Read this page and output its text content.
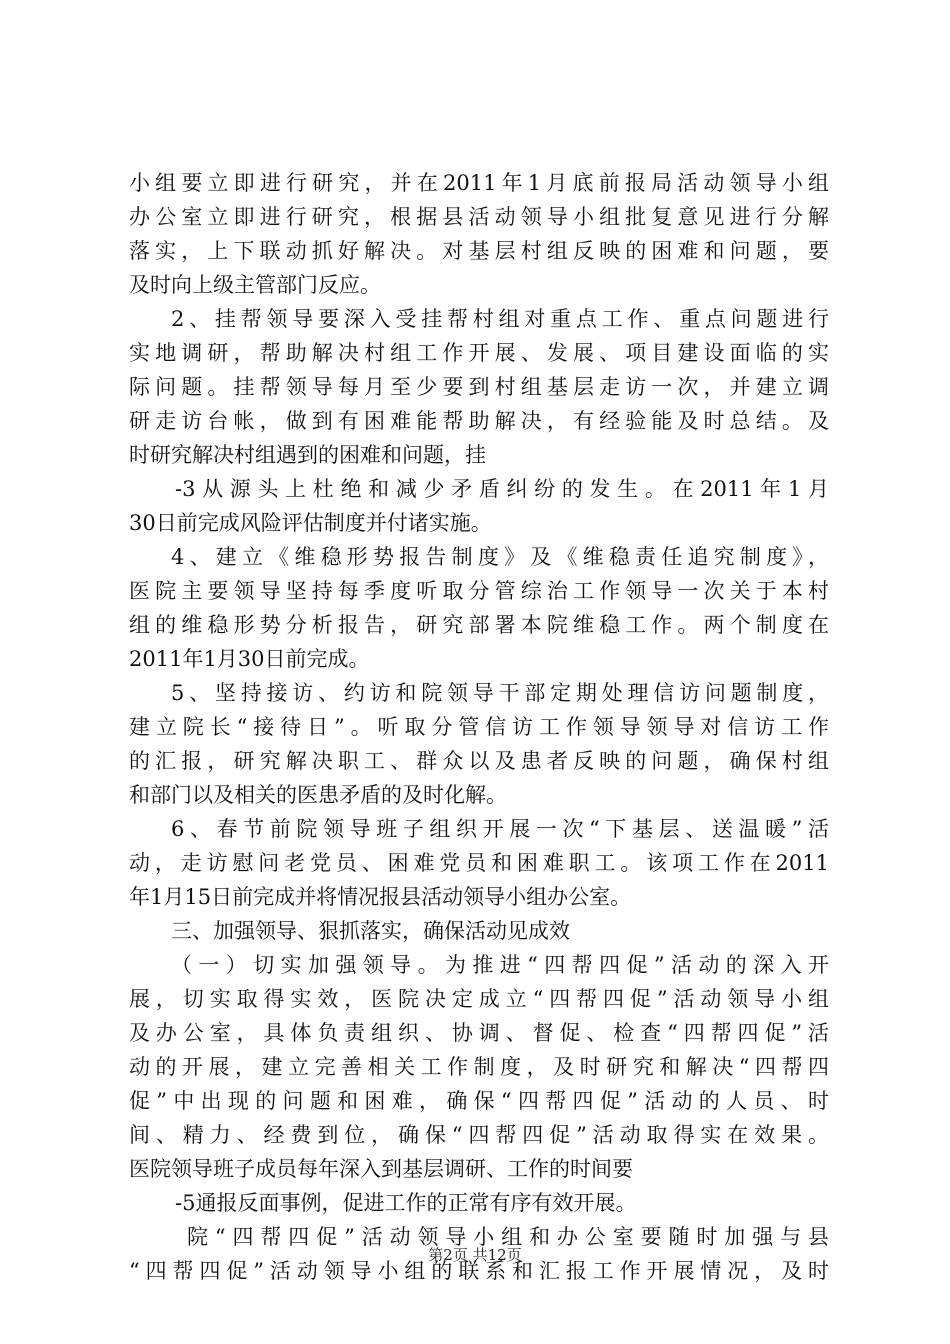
小组要立即进行研究，并在2011年1月底前报局活动领导小组
办公室立即进行研究，根据县活动领导小组批复意见进行分解
落实，上下联动抓好解决。对基层村组反映的困难和问题，要
及时向上级主管部门反应。
2、挂帮领导要深入受挂帮村组对重点工作、重点问题进行
实地调研，帮助解决村组工作开展、发展、项目建设面临的实
际问题。挂帮领导每月至少要到村组基层走访一次，并建立调
研走访台帐，做到有困难能帮助解决，有经验能及时总结。及
时研究解决村组遇到的困难和问题，挂
-3从源头上杜绝和减少矛盾纠纷的发生。在2011年1月
30日前完成风险评估制度并付诸实施。
4、建立《维稳形势报告制度》及《维稳责任追究制度》，
医院主要领导坚持每季度听取分管综治工作领导一次关于本村
组的维稳形势分析报告，研究部署本院维稳工作。两个制度在
2011年1月30日前完成。
5、坚持接访、约访和院领导干部定期处理信访问题制度，
建立院长“接待日”。听取分管信访工作领导领导对信访工作
的汇报，研究解决职工、群众以及患者反映的问题，确保村组
和部门以及相关的医患矛盾的及时化解。
6、春节前院领导班子组织开展一次“下基层、送温暖”活
动，走访慰问老党员、困难党员和困难职工。该项工作在2011
年1月15日前完成并将情况报县活动领导小组办公室。
三、加强领导、狠抓落实，确保活动见成效
（一）切实加强领导。为推进“四帮四促”活动的深入开
展，切实取得实效，医院决定成立“四帮四促”活动领导小组
及办公室，具体负责组织、协调、督促、检查“四帮四促”活
动的开展，建立完善相关工作制度，及时研究和解决“四帮四
促”中出现的问题和困难，确保“四帮四促”活动的人员、时
间、精力、经费到位，确保“四帮四促”活动取得实在效果。
医院领导班子成员每年深入到基层调研、工作的时间要
-5通报反面事例，促进工作的正常有序有效开展。
院“四帮四促”活动领导小组和办公室要随时加强与县
“四帮四促”活动领导小组的联系和汇报工作开展情况，及时
第2页 共12页
